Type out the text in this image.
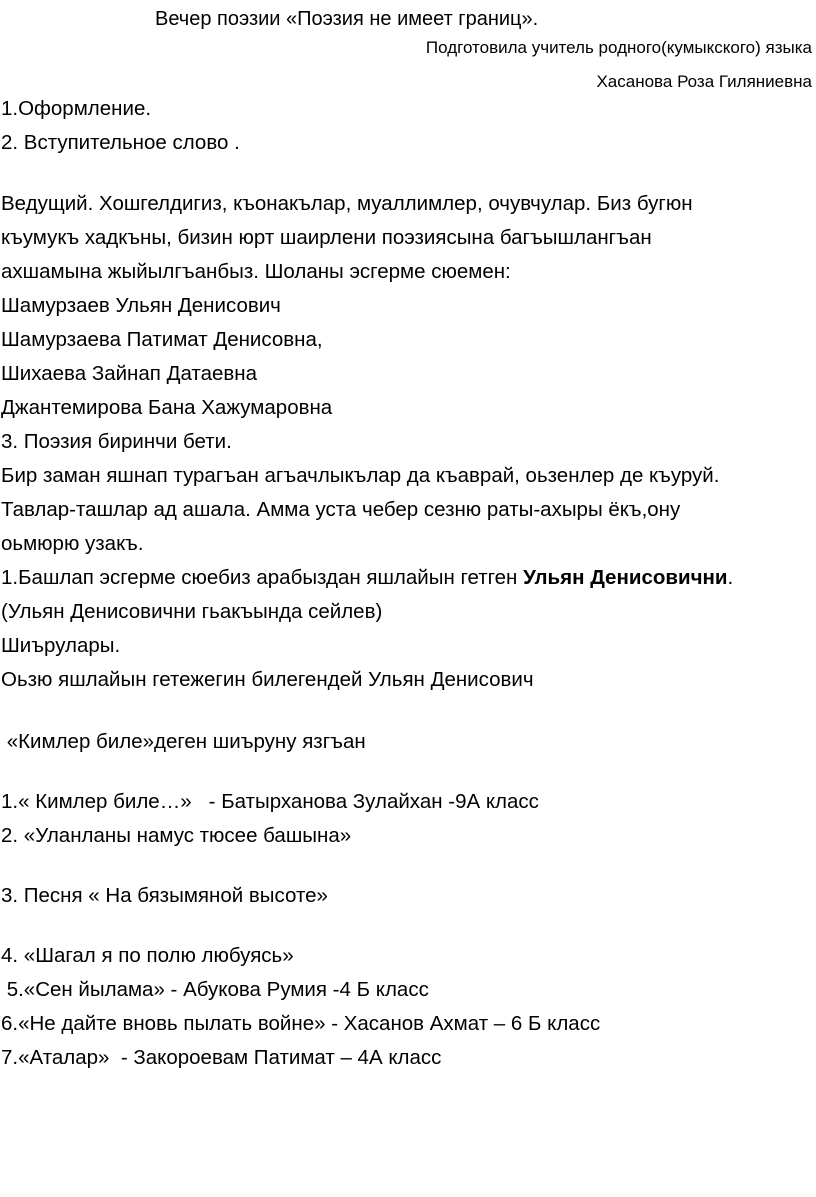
Вечер поэзии «Поэзия не имеет границ».
Подготовила учитель родного(кумыкского) языка
Хасанова Роза Гиляниевна
1.Оформление.
2. Вступительное слово .
Ведущий. Хошгелдигиз, къонакълар, муаллимлер, очувчулар. Биз бугюн
къумукъ хадкъны, бизин юрт шаирлени поэзиясына багъышлангъан
ахшамына жыйылгъанбыз. Шоланы эсгерме сюемен:
Шамурзаев Ульян Денисович
Шамурзаева Патимат Денисовна,
Шихаева Зайнап Датаевна
Джантемирова Бана Хажумаровна
3. Поэзия биринчи бети.
Бир заман яшнап турагъан агъачлыкълар да къаврай, оьзенлер де къуруй.
Тавлар-ташлар ад ашала. Амма уста чебер сезню раты-ахыры ёкъ,ону
оьмюрю узакъ.
1.Башлап эсгерме сюебиз арабыздан яшлайын гетген Ульян Денисовични.
(Ульян Денисовични гьакъында сейлев)
Шиърулары.
Оьзю яшлайын гетежегин билегендей Ульян Денисович
«Кимлер биле»деген шиъруну язгъан
1.« Кимлер биле…»   - Батырханова Зулайхан -9А класс
2. «Уланланы намус тюсее башына»
3. Песня « На бязымяной высоте»
4. «Шагал я по полю любуясь»
5.«Сен йылама» - Абукова Румия -4 Б класс
6.«Не дайте вновь пылать войне» - Хасанов Ахмат – 6 Б класс
7.«Аталар»  - Закороевам Патимат – 4А класс
